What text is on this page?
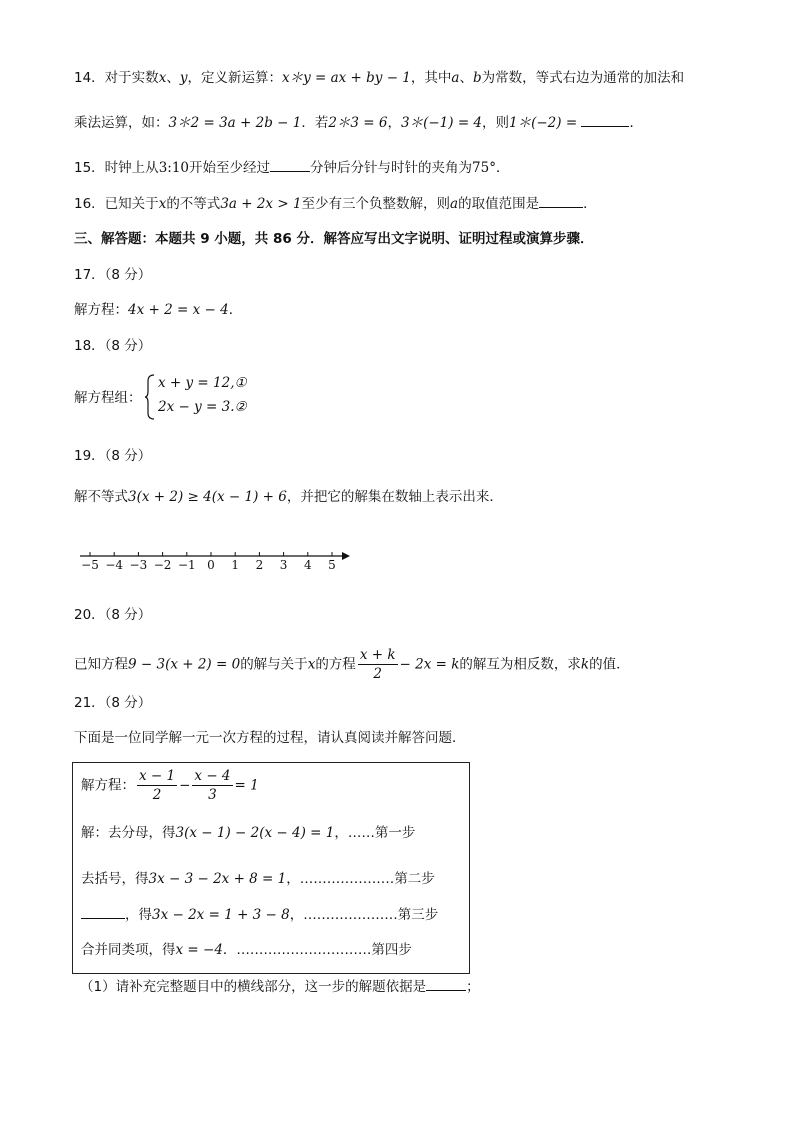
14．对于实数x、y，定义新运算：x＊y = ax + by − 1，其中a、b为常数，等式右边为通常的加法和
乘法运算，如：3＊2 = 3a + 2b − 1．若2＊3 = 6，3＊(−1) = 4，则1＊(−2) =	．
15．时钟上从3:10开始至少经过	分钟后分针与时针的夹角为75°．
16．已知关于x的不等式3a + 2x > 1至少有三个负整数解，则a的取值范围是	．
三、解答题：本题共 9 小题，共 86 分．解答应写出文字说明、证明过程或演算步骤．
17．（8 分）
解方程：4x + 2 = x − 4．
18．（8 分）
解方程组：
x + y = 12,①
2x − y = 3.②
19．（8 分）
解不等式3(x + 2) ≥ 4(x − 1) + 6，并把它的解集在数轴上表示出来．
−5 −4 −3 −2 −1 0 1 2 3 4 5
20．（8 分）
已知方程9 − 3(x + 2) = 0的解与关于x的方程 $\frac{x + k}{2} - 2x = k$的解互为相反数，求k的值．
21．（8 分）
下面是一位同学解一元一次方程的过程，请认真阅读并解答问题．
解方程： $\frac{x - 1}{2} - \frac{x - 4}{3} = 1$
解：去分母，得3(x − 1) − 2(x − 4) = 1，……第一步
去括号，得3x − 3 − 2x + 8 = 1，…………………第二步
，得3x − 2x = 1 + 3 − 8，…………………第三步
合并同类项，得x = −4．…………………………第四步
（1）请补充完整题目中的横线部分，这一步的解题依据是	；
